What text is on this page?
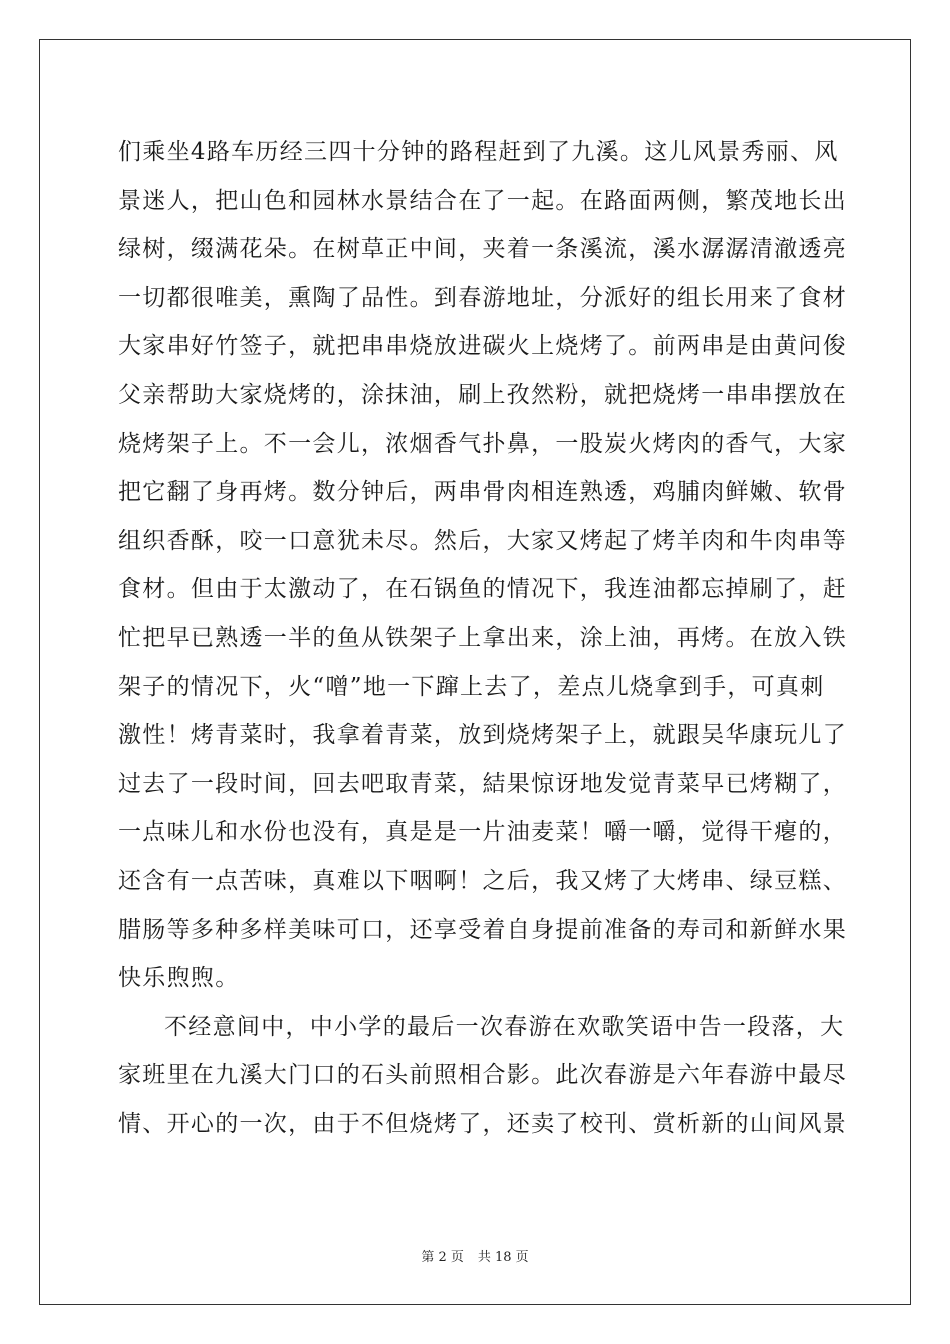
们乘坐4路车历经三四十分钟的路程赶到了九溪。这儿风景秀丽、风
景迷人，把山色和园林水景结合在了一起。在路面两侧，繁茂地长出
绿树，缀满花朵。在树草正中间，夹着一条溪流，溪水潺潺清澈透亮
一切都很唯美，熏陶了品性。到春游地址，分派好的组长用来了食材
大家串好竹签子，就把串串烧放进碳火上烧烤了。前两串是由黄问俊
父亲帮助大家烧烤的，涂抹油，刷上孜然粉，就把烧烤一串串摆放在
烧烤架子上。不一会儿，浓烟香气扑鼻，一股炭火烤肉的香气，大家
把它翻了身再烤。数分钟后，两串骨肉相连熟透，鸡脯肉鲜嫩、软骨
组织香酥，咬一口意犹未尽。然后，大家又烤起了烤羊肉和牛肉串等
食材。但由于太激动了，在石锅鱼的情况下，我连油都忘掉刷了，赶
忙把早已熟透一半的鱼从铁架子上拿出来，涂上油，再烤。在放入铁
架子的情况下，火“噌”地一下蹿上去了，差点儿烧拿到手，可真刺
激性！烤青菜时，我拿着青菜，放到烧烤架子上，就跟吴华康玩儿了
过去了一段时间，回去吧取青菜，結果惊讶地发觉青菜早已烤糊了，
一点味儿和水份也没有，真是是一片油麦菜！嚼一嚼，觉得干瘪的，
还含有一点苦味，真难以下咽啊！之后，我又烤了大烤串、绿豆糕、
腊肠等多种多样美味可口，还享受着自身提前准备的寿司和新鲜水果
快乐煦煦。
不经意间中，中小学的最后一次春游在欢歌笑语中告一段落，大
家班里在九溪大门口的石头前照相合影。此次春游是六年春游中最尽
情、开心的一次，由于不但烧烤了，还卖了校刊、赏析新的山间风景
第 2 页 共 18 页
